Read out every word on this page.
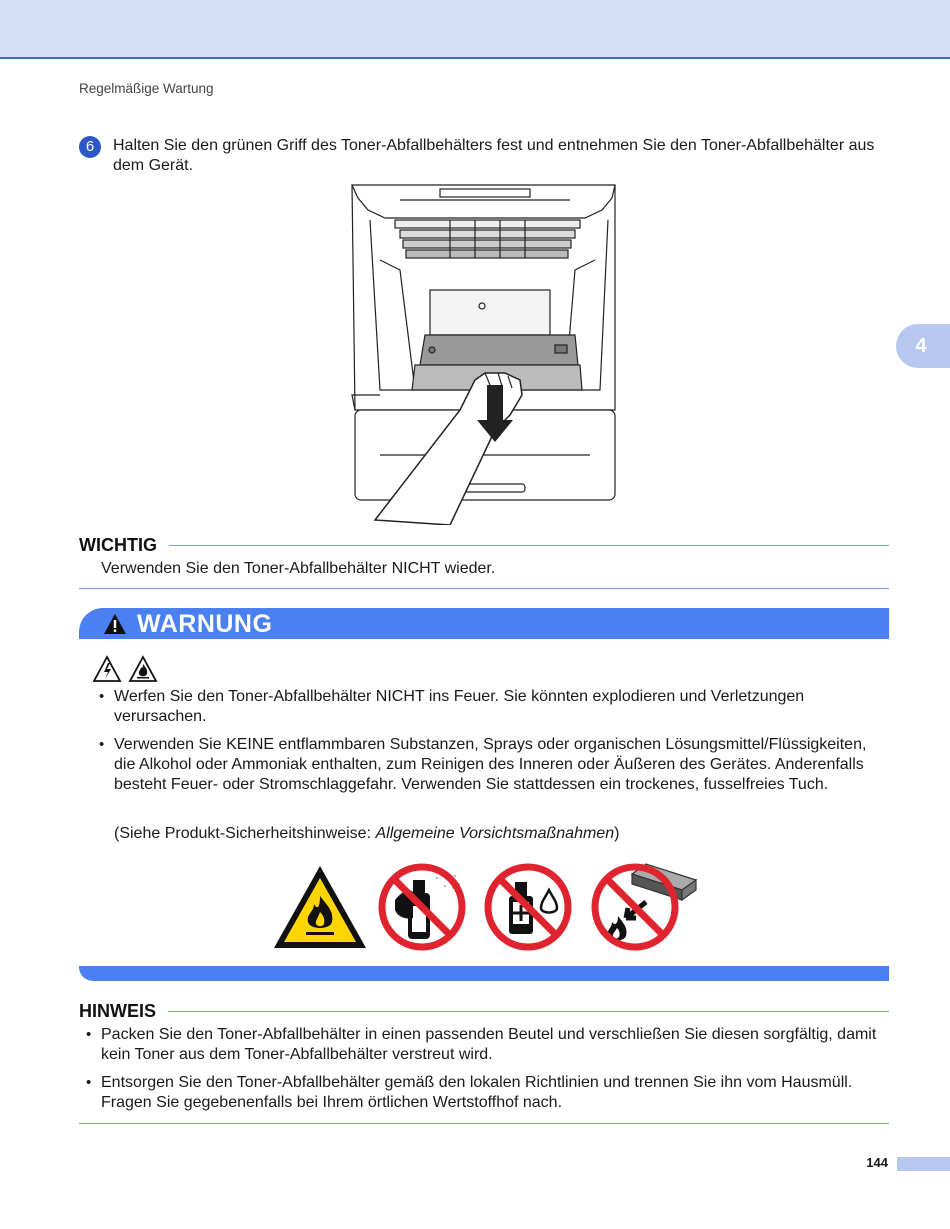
Regelmäßige Wartung
4
6	Halten Sie den grünen Griff des Toner-Abfallbehälters fest und entnehmen Sie den Toner-Abfallbehälter aus dem Gerät.
WICHTIG
Verwenden Sie den Toner-Abfallbehälter NICHT wieder.
WARNUNG
• Werfen Sie den Toner-Abfallbehälter NICHT ins Feuer. Sie könnten explodieren und Verletzungen verursachen.
• Verwenden Sie KEINE entflammbaren Substanzen, Sprays oder organischen Lösungsmittel/Flüssigkeiten, die Alkohol oder Ammoniak enthalten, zum Reinigen des Inneren oder Äußeren des Gerätes. Anderenfalls besteht Feuer- oder Stromschlaggefahr. Verwenden Sie stattdessen ein trockenes, fusselfreies Tuch.
(Siehe Produkt-Sicherheitshinweise: Allgemeine Vorsichtsmaßnahmen)
HINWEIS
• Packen Sie den Toner-Abfallbehälter in einen passenden Beutel und verschließen Sie diesen sorgfältig, damit kein Toner aus dem Toner-Abfallbehälter verstreut wird.
• Entsorgen Sie den Toner-Abfallbehälter gemäß den lokalen Richtlinien und trennen Sie ihn vom Hausmüll. Fragen Sie gegebenenfalls bei Ihrem örtlichen Wertstoffhof nach.
144
